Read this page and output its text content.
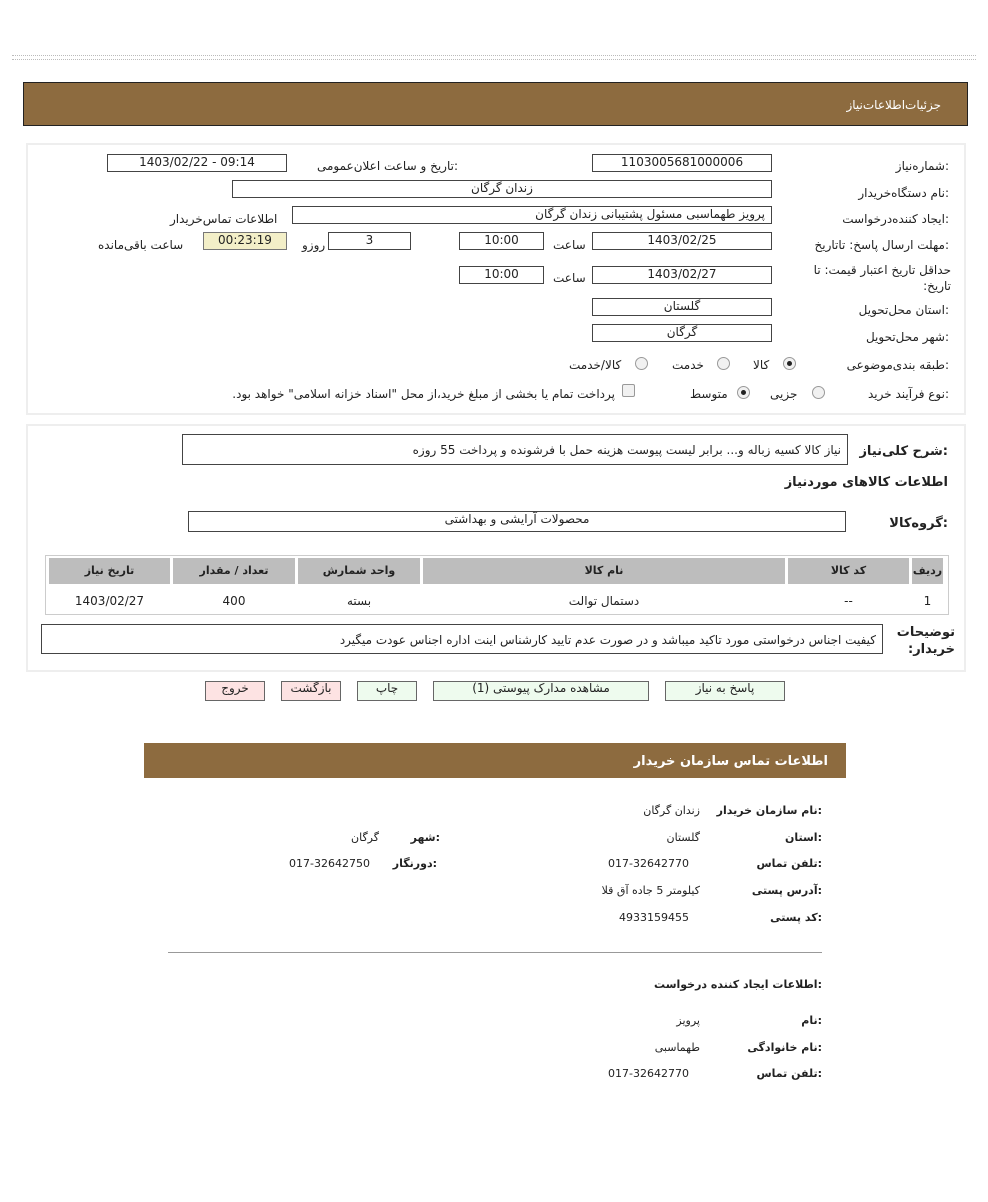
جزئیات‌اطلاعات‌نیاز
شماره‌نیاز:
1103005681000006
تاریخ و ساعت اعلان‌عمومی:
1403/02/22 - 09:14
نام دستگاه‌خریدار:
زندان گرگان
ایجاد کننده‌درخواست:
پرویز طهماسبی مسئول پشتیبانی زندان گرگان
اطلاعات تماس‌خریدار
مهلت ارسال پاسخ: تاتاریخ:
1403/02/25
ساعت
10:00
3
روزو
00:23:19
ساعت باقی‌مانده
حداقل تاریخ اعتبار قیمت: تا تاریخ:
1403/02/27
ساعت
10:00
استان محل‌تحویل:
گلستان
شهر محل‌تحویل:
گرگان
طبقه بندی‌موضوعی:
کالا
خدمت
کالا/خدمت
نوع فرآیند خرید:
جزیی
متوسط
پرداخت تمام یا بخشی از مبلغ خرید،از محل "اسناد خزانه اسلامی" خواهد بود.
شرح کلی‌نیاز:
نیاز کالا کسیه زباله و... برابر لیست پیوست هزینه حمل با فرشونده و پرداخت 55 روزه
اطلاعات کالاهای مورد‌نیاز
گروه‌کالا:
محصولات آرایشی و بهداشتی
ردیف
کد کالا
نام کالا
واحد شمارش
تعداد / مقدار
تاریخ نیاز
1
--
دستمال توالت
بسته
400
1403/02/27
توضیحات خریدار:
کیفیت اجناس درخواستی مورد تاکید میباشد و در صورت عدم تایید کارشناس اینت اداره اجناس عودت میگیرد
پاسخ به نیاز
مشاهده مدارک پیوستی (1)
چاپ
بازگشت
خروج
اطلاعات تماس سازمان خریدار
نام سازمان خریدار:
زندان گرگان
استان:
گلستان
شهر:
گرگان
تلفن تماس:
017-32642770
دورنگار:
017-32642750
آدرس پستی:
کیلومتر 5 جاده آق قلا
کد پستی:
4933159455
اطلاعات ایجاد کننده درخواست:
نام:
پرویز
نام خانوادگی:
طهماسبی
تلفن تماس:
017-32642770
